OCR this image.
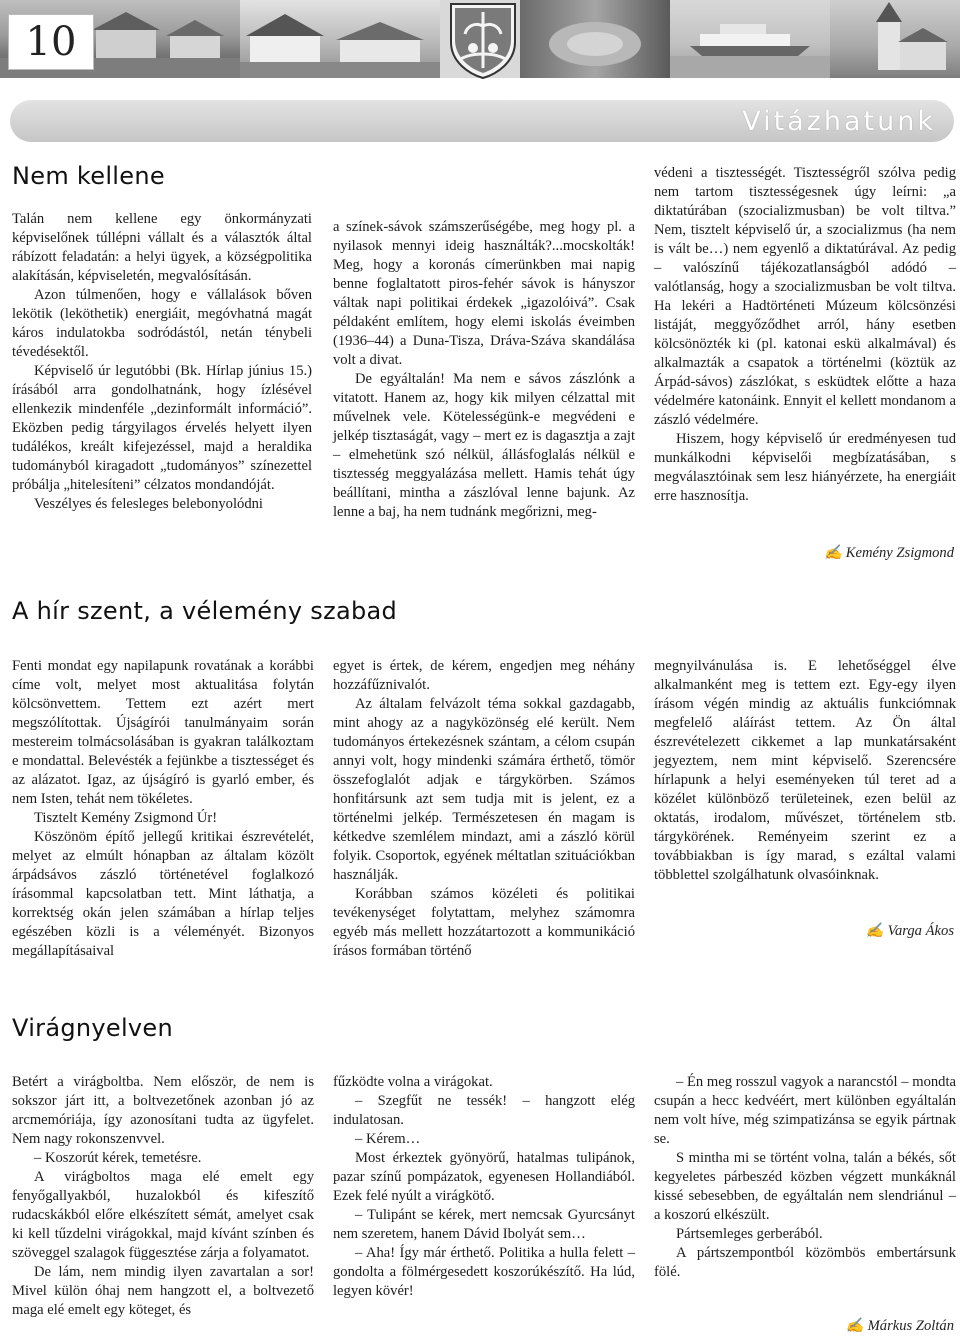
10
Vitázhatunk
Nem kellene

Talán nem kellene egy önkormányzati képviselőnek túllépni vállalt és a választók által rábízott feladatán: a helyi ügyek, a községpolitika alakításán, képviseletén, megvalósításán.

Azon túlmenően, hogy e vállalások bőven lekötik (leköthetik) energiáit, megóvhatná magát káros indulatokba sodródástól, netán ténybeli tévedésektől.

Képviselő úr legutóbbi (Bk. Hírlap június 15.) írásából arra gondolhatnánk, hogy ízlésével ellenkezik mindenféle „dezinformált információ”. Eközben pedig tárgyilagos érvelés helyett ilyen tudálékos, kreált kifejezéssel, majd a heraldika tudományból kiragadott „tudományos” színezettel próbálja „hitelesíteni” célzatos mondandóját.

Veszélyes és felesleges belebonyolódni

a színek-sávok számszerűségébe, meg hogy pl. a nyilasok mennyi ideig használták?...mocskolták! Meg, hogy a koronás címerünkben mai napig benne foglaltatott piros-fehér sávok is hányszor váltak napi politikai érdekek „igazolóivá”. Csak példaként említem, hogy elemi iskolás éveimben (1936–44) a Duna-Tisza, Dráva-Száva skandálása volt a divat.

De egyáltalán! Ma nem e sávos zászlónk a vitatott. Hanem az, hogy kik milyen célzattal mit művelnek vele. Kötelességünk-e megvédeni e jelkép tisztaságát, vagy – mert ez is dagasztja a zajt – elmehetünk szó nélkül, állásfoglalás nélkül e tisztesség meggyalázása mellett. Hamis tehát úgy beállítani, mintha a zászlóval lenne bajunk. Az lenne a baj, ha nem tudnánk megőrizni, meg-

védeni a tisztességét. Tisztességről szólva pedig nem tartom tisztességesnek úgy leírni: „a diktatúrában (szocializmusban) be volt tiltva.” Nem, tisztelt képviselő úr, a szocializmus (ha nem is vált be…) nem egyenlő a diktatúrával. Az pedig – valószínű tájékozatlanságból adódó – valótlanság, hogy a szocializmusban be volt tiltva. Ha lekéri a Hadtörténeti Múzeum kölcsönzési listáját, meggyőződhet arról, hány esetben kölcsönözték ki (pl. katonai eskü alkalmával) és alkalmazták a csapatok a történelmi (köztük az Árpád-sávos) zászlókat, s esküdtek előtte a haza védelmére katonáink. Ennyit el kellett mondanom a zászló védelmére.

Hiszem, hogy képviselő úr eredményesen tud munkálkodni képviselői megbízatásában, s megválasztóinak sem lesz hiányérzete, ha energiáit erre hasznosítja.

✍ Kemény Zsigmond
A hír szent, a vélemény szabad

Fenti mondat egy napilapunk rovatának a korábbi címe volt, melyet most aktualitása folytán kölcsönvettem. Tettem ezt azért mert megszólítottak. Újságírói tanulmányaim során mestereim tolmácsolásában is gyakran találkoztam e mondattal. Belevésték a fejünkbe a tisztességet és az alázatot. Igaz, az újságíró is gyarló ember, és nem Isten, tehát nem tökéletes.

Tisztelt Kemény Zsigmond Úr!

Köszönöm építő jellegű kritikai észrevételét, melyet az elmúlt hónapban az általam közölt árpádsávos zászló történetével foglalkozó írásommal kapcsolatban tett. Mint láthatja, a korrektség okán jelen számában a hírlap teljes egészében közli is a véleményét. Bizonyos megállapításaival

egyet is értek, de kérem, engedjen meg néhány hozzáfűznivalót.

Az általam felvázolt téma sokkal gazdagabb, mint ahogy az a nagyközönség elé került. Nem tudományos értekezésnek szántam, a célom csupán annyi volt, hogy mindenki számára érthető, tömör összefoglalót adjak e tárgykörben. Számos honfitársunk azt sem tudja mit is jelent, ez a történelmi jelkép. Természetesen én magam is kétkedve szemlélem mindazt, ami a zászló körül folyik. Csoportok, egyének méltatlan szituációkban használják.

Korábban számos közéleti és politikai tevékenységet folytattam, melyhez számomra egyéb más mellett hozzátartozott a kommunikáció írásos formában történő

megnyilvánulása is. E lehetőséggel élve alkalmanként meg is tettem ezt. Egy-egy ilyen írásom végén mindig az aktuális funkciómnak megfelelő aláírást tettem. Az Ön által észrevételezett cikkemet a lap munkatársaként jegyeztem, nem mint képviselő. Szerencsére hírlapunk a helyi eseményeken túl teret ad a közélet különböző területeinek, ezen belül az oktatás, irodalom, művészet, történelem stb. tárgykörének. Reményeim szerint ez a továbbiakban is így marad, s ezáltal valami többlettel szolgálhatunk olvasóinknak.

✍ Varga Ákos
Virágnyelven

Betért a virágboltba. Nem először, de nem is sokszor járt itt, a boltvezetőnek azonban jó az arcmemóriája, így azonosítani tudta az ügyfelet. Nem nagy rokonszenvvel.

– Koszorút kérek, temetésre.

A virágboltos maga elé emelt egy fenyőgallyakból, huzalokból és kifeszítő rudacskákból előre elkészített sémát, amelyet csak ki kell tűzdelni virágokkal, majd kívánt színben és szöveggel szalagok függesztése zárja a folyamatot.

De lám, nem mindig ilyen zavartalan a sor! Mivel külön óhaj nem hangzott el, a boltvezető maga elé emelt egy köteget, és

fűzködte volna a virágokat.

– Szegfűt ne tessék! – hangzott elég indulatosan.

– Kérem…

Most érkeztek gyönyörű, hatalmas tulipánok, pazar színű pompázatok, egyenesen Hollandiából. Ezek felé nyúlt a virágkötő.

– Tulipánt se kérek, mert nemcsak Gyurcsányt nem szeretem, hanem Dávid Ibolyát sem…

– Aha! Így már érthető. Politika a hulla felett – gondolta a fölmérgesedett koszorúkészítő. Ha lúd, legyen kövér!

– Én meg rosszul vagyok a narancstól – mondta csupán a hecc kedvéért, mert különben egyáltalán nem volt híve, még szimpatizánsa se egyik pártnak se.

S mintha mi se történt volna, talán a békés, sőt kegyeletes párbeszéd közben végzett munkáknál kissé sebesebben, de egyáltalán nem slendriánul – a koszorú elkészült.

Pártsemleges gerberából.

A pártszempontból közömbös embertársunk fölé.

✍ Márkus Zoltán
